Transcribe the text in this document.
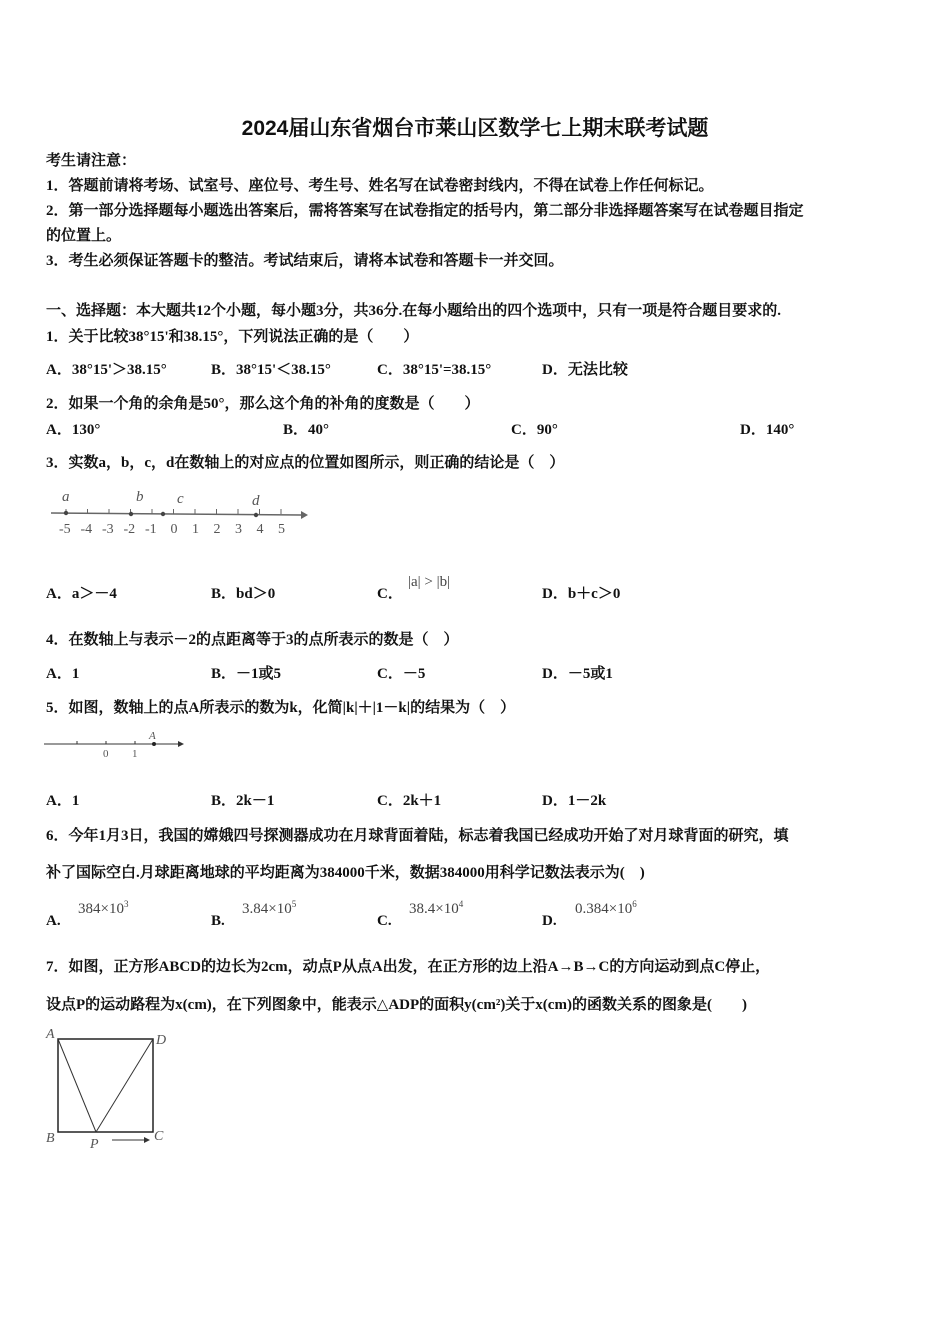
2024届山东省烟台市莱山区数学七上期末联考试题
考生请注意：
1．答题前请将考场、试室号、座位号、考生号、姓名写在试卷密封线内，不得在试卷上作任何标记。
2．第一部分选择题每小题选出答案后，需将答案写在试卷指定的括号内，第二部分非选择题答案写在试卷题目指定
的位置上。
3．考生必须保证答题卡的整洁。考试结束后，请将本试卷和答题卡一并交回。
一、选择题：本大题共12个小题，每小题3分，共36分.在每小题给出的四个选项中，只有一项是符合题目要求的.
1．关于比较38°15'和38.15°，下列说法正确的是（　　）
A．38°15'＞38.15°	B．38°15'＜38.15°	C．38°15'=38.15°	D．无法比较
2．如果一个角的余角是50°，那么这个角的补角的度数是（　　）
A．130°	B．40°	C．90°	D．140°
3．实数a，b，c，d在数轴上的对应点的位置如图所示，则正确的结论是（　）
-5 -4 -3 -2 -1 0 1 2 3 4 5
a	b c	d
A．a＞－4	B．bd＞0	C．
|a| > |b|
D．b＋c＞0
4．在数轴上与表示－2的点距离等于3的点所表示的数是（　）
A．1	B．－1或5	C．－5	D．－5或1
5．如图，数轴上的点A所表示的数为k，化简|k|＋|1－k|的结果为（　）
0 1
A
A．1	B．2k－1	C．2k＋1	D．1－2k
6．今年1月3日，我国的嫦娥四号探测器成功在月球背面着陆，标志着我国已经成功开始了对月球背面的研究，填
补了国际空白.月球距离地球的平均距离为384000千米，数据384000用科学记数法表示为(　)
A.
$384\times 10^3$
B.
$3.84\times 10^5$
C.
$38.4\times 10^4$
D.
$0.384\times 10^6$
7．如图，正方形ABCD的边长为2cm，动点P从点A出发，在正方形的边上沿A→B→C的方向运动到点C停止，
设点P的运动路程为x(cm)，在下列图象中，能表示△ADP的面积y(cm²)关于x(cm)的函数关系的图象是(　　)
A
B	C
D
P
